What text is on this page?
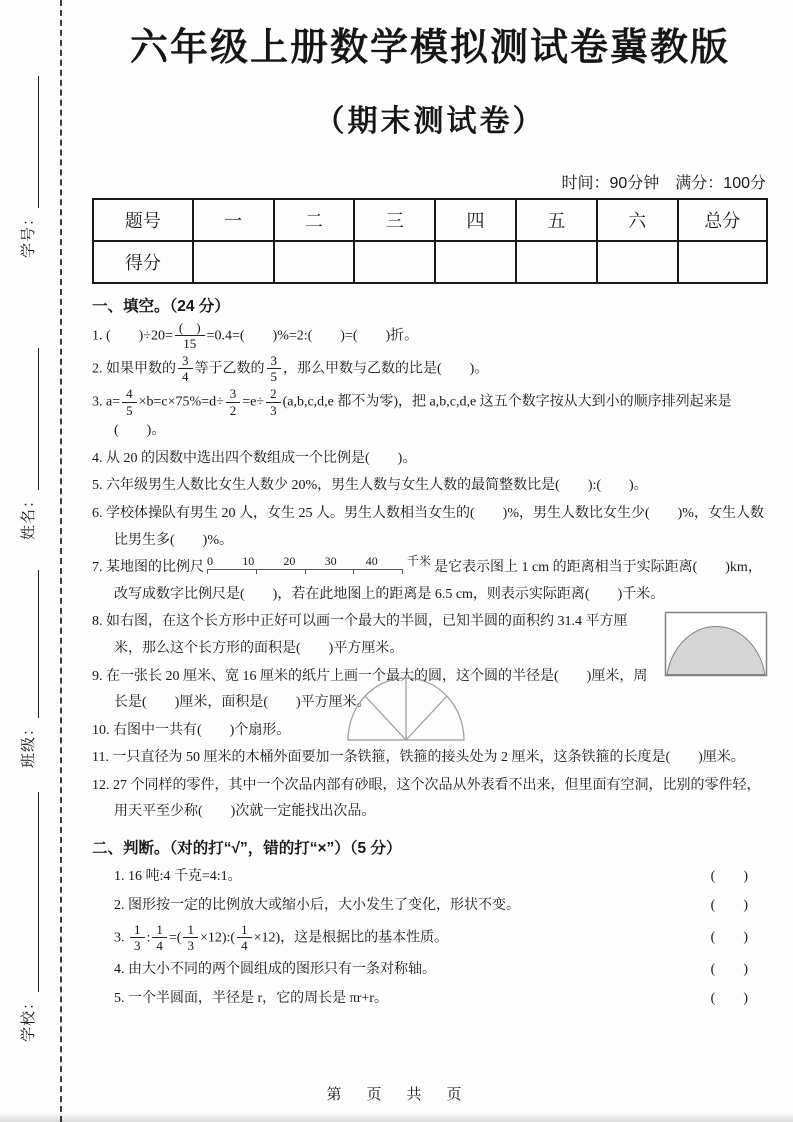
学号：
姓名：
班级：
学校：
六年级上册数学模拟测试卷冀教版
（期末测试卷）
时间：90分钟　满分：100分
题号	一	二	三	四	五	六	总分
得分							
一、填空。（24 分）
1. (　　)$\div 20= \frac{( )}{15} =0.4=$(　　)%=2:(　　)=(　　)折。
2. 如果甲数的 $\frac{3}{4}$ 等于乙数的 $\frac{3}{5}$ ，那么甲数与乙数的比是(　　)。
3. $a= \frac{4}{5} \times b=c\times 75\%=d\div \frac{3}{2} =e\div \frac{2}{3} (a,b,c,d,e$ 都不为零)，把 a,b,c,d,e 这五个数字按从大到小的顺序排列起来是(　　)。
4. 从 20 的因数中选出四个数组成一个比例是(　　)。
5. 六年级男生人数比女生人数少 20%，男生人数与女生人数的最简整数比是(　　):(　　)。
6. 学校体操队有男生 20 人，女生 25 人。男生人数相当女生的(　　)%，男生人数比女生少(　　)%，女生人数比男生多(　　)%。
7. 某地图的比例尺 0 10 20 30 40 千米 是它表示图上 1 cm 的距离相当于实际距离(　　)km，改写成数字比例尺是(　　)，若在此地图上的距离是 6.5 cm，则表示实际距离(　　)千米。
8. 如右图，在这个长方形中正好可以画一个最大的半圆，已知半圆的面积约 31.4 平方厘米，那么这个长方形的面积是(　　)平方厘米。
9. 在一张长 20 厘米、宽 16 厘米的纸片上画一个最大的圆，这个圆的半径是(　　)厘米，周长是(　　)厘米，面积是(　　)平方厘米。
10. 右图中一共有(　　)个扇形。
11. 一只直径为 50 厘米的木桶外面要加一条铁箍，铁箍的接头处为 2 厘米，这条铁箍的长度是(　　)厘米。
12. 27 个同样的零件，其中一个次品内部有砂眼，这个次品从外表看不出来，但里面有空洞，比别的零件轻，用天平至少称(　　)次就一定能找出次品。
二、判断。（对的打“√”，错的打“×”）（5 分）
1. 16 吨:4 千克=4:1。	(　　)
2. 图形按一定的比例放大或缩小后，大小发生了变化，形状不变。	(　　)
3. $\frac{1}{3}$ : $\frac{1}{4}$ =( $\frac{1}{3}$ ×12):( $\frac{1}{4} \times 12$)，这是根据比的基本性质。	(　　)
4. 由大小不同的两个圆组成的图形只有一条对称轴。	(　　)
5. 一个半圆面，半径是 r，它的周长是 πr+r。	(　　)
第　页　共　页
